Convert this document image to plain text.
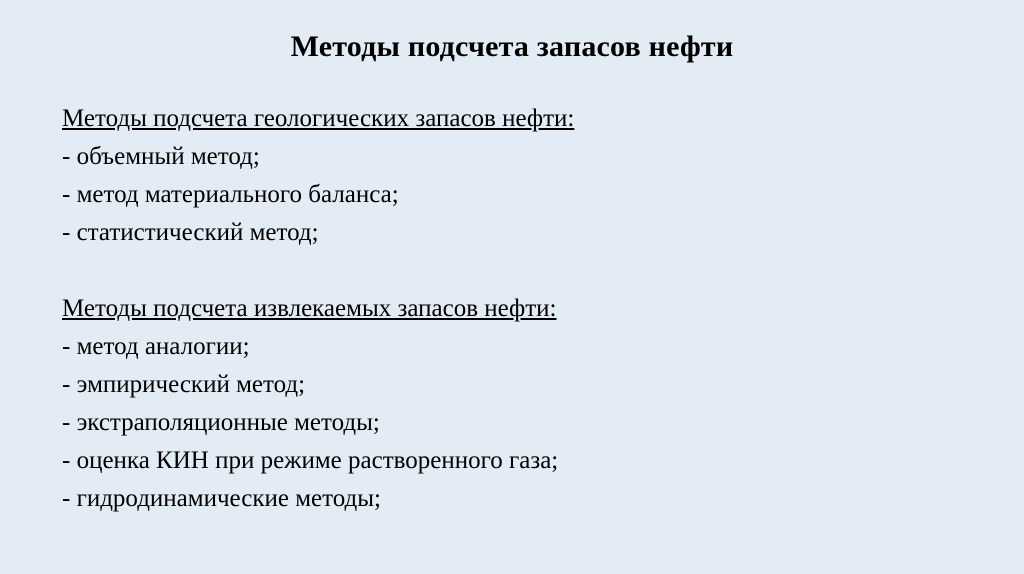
Методы подсчета запасов нефти
Методы подсчета геологических запасов нефти:
- объемный метод;
- метод материального баланса;
- статистический метод;
Методы подсчета извлекаемых запасов нефти:
- метод аналогии;
- эмпирический метод;
- экстраполяционные методы;
- оценка КИН при режиме растворенного газа;
- гидродинамические методы;
